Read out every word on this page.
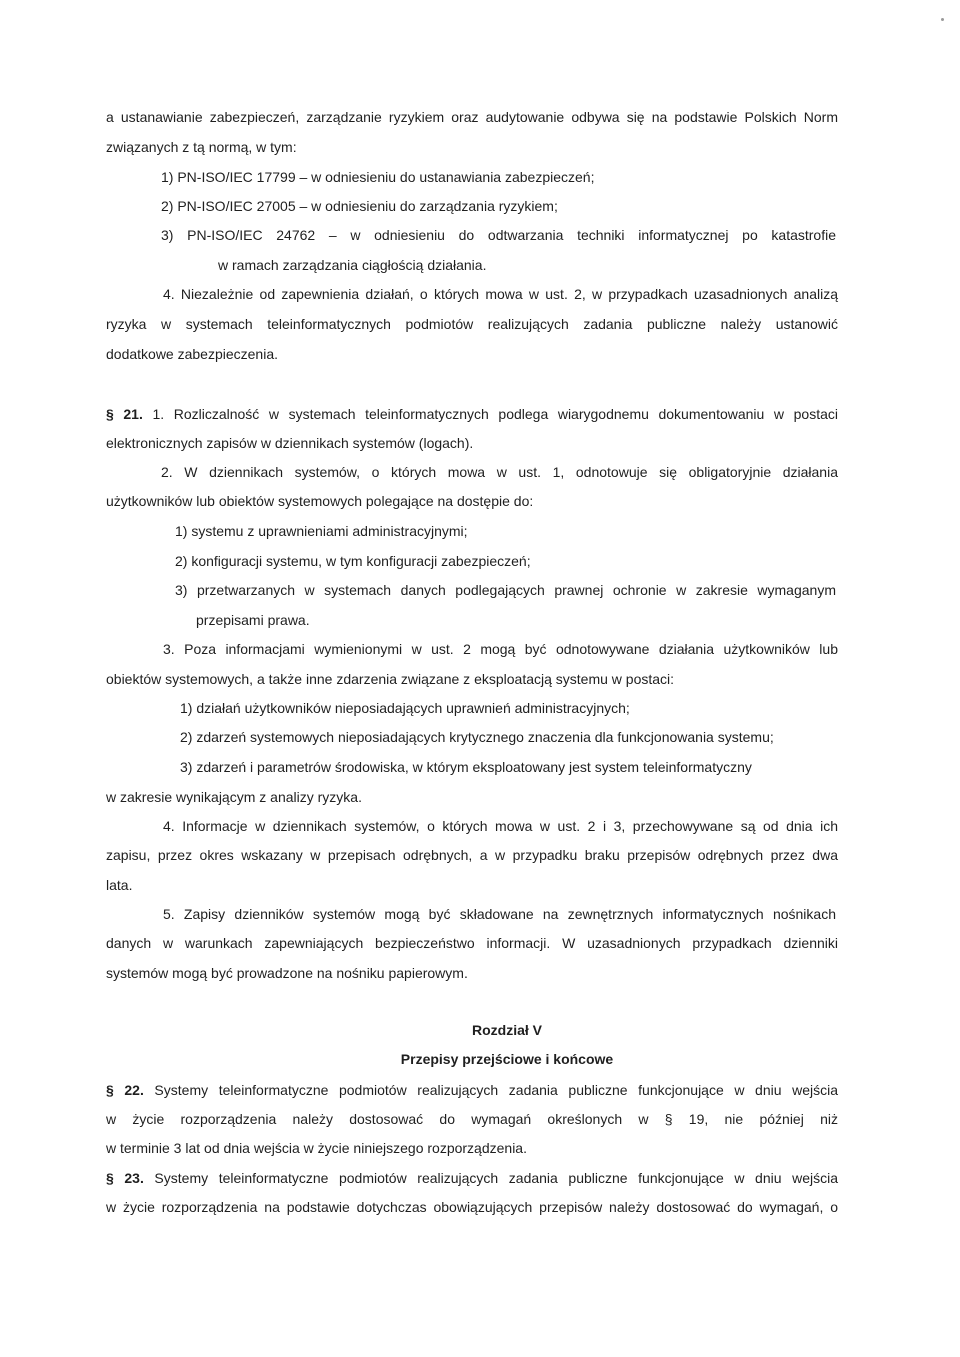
a ustanawianie zabezpieczeń, zarządzanie ryzykiem oraz audytowanie odbywa się na podstawie Polskich Norm
związanych z tą normą, w tym:
1) PN-ISO/IEC 17799 – w odniesieniu do ustanawiania zabezpieczeń;
2) PN-ISO/IEC 27005 – w odniesieniu do zarządzania ryzykiem;
3) PN-ISO/IEC 24762 – w odniesieniu do odtwarzania techniki informatycznej po katastrofie
w ramach zarządzania ciągłością działania.
4. Niezależnie od zapewnienia działań, o których mowa w ust. 2, w przypadkach uzasadnionych analizą
ryzyka w systemach teleinformatycznych podmiotów realizujących zadania publiczne należy ustanowić
dodatkowe zabezpieczenia.
§ 21. 1. Rozliczalność w systemach teleinformatycznych podlega wiarygodnemu dokumentowaniu w postaci
elektronicznych zapisów w dziennikach systemów (logach).
2. W dziennikach systemów, o których mowa w ust. 1, odnotowuje się obligatoryjnie działania
użytkowników lub obiektów systemowych polegające na dostępie do:
1) systemu z uprawnieniami administracyjnymi;
2) konfiguracji systemu, w tym konfiguracji zabezpieczeń;
3) przetwarzanych w systemach danych podlegających prawnej ochronie w zakresie wymaganym
przepisami prawa.
3. Poza informacjami wymienionymi w ust. 2 mogą być odnotowywane działania użytkowników lub
obiektów systemowych, a także inne zdarzenia związane z eksploatacją systemu w postaci:
1) działań użytkowników nieposiadających uprawnień administracyjnych;
2) zdarzeń systemowych nieposiadających krytycznego znaczenia dla funkcjonowania systemu;
3) zdarzeń i parametrów środowiska, w którym eksploatowany jest system teleinformatyczny
w zakresie wynikającym z analizy ryzyka.
4. Informacje w dziennikach systemów, o których mowa w ust. 2 i 3, przechowywane są od dnia ich
zapisu, przez okres wskazany w przepisach odrębnych, a w przypadku braku przepisów odrębnych przez dwa
lata.
5. Zapisy dzienników systemów mogą być składowane na zewnętrznych informatycznych nośnikach
danych w warunkach zapewniających bezpieczeństwo informacji. W uzasadnionych przypadkach dzienniki
systemów mogą być prowadzone na nośniku papierowym.
Rozdział V
Przepisy przejściowe i końcowe
§ 22. Systemy teleinformatyczne podmiotów realizujących zadania publiczne funkcjonujące w dniu wejścia
w życie rozporządzenia należy dostosować do wymagań określonych w § 19, nie później niż
w terminie 3 lat od dnia wejścia w życie niniejszego rozporządzenia.
§ 23. Systemy teleinformatyczne podmiotów realizujących zadania publiczne funkcjonujące w dniu wejścia
w życie rozporządzenia na podstawie dotychczas obowiązujących przepisów należy dostosować do wymagań, o
